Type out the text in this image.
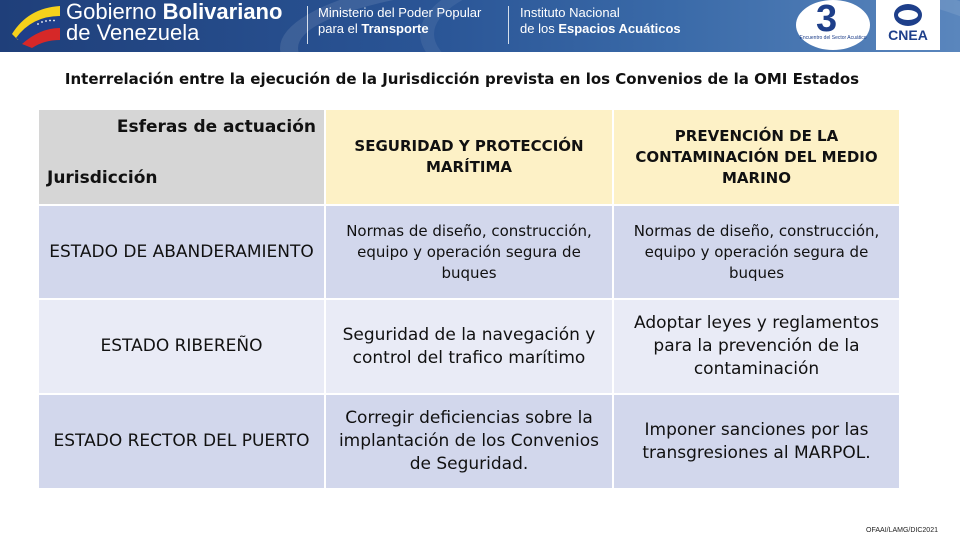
Gobierno Bolivariano
de Venezuela
Ministerio del Poder Popular
para el Transporte
Instituto Nacional
de los Espacios Acuáticos	3
Encuentro del Sector Acuático	CNEA
Interrelación entre la ejecución de la Jurisdicción prevista en los Convenios de la OMI Estados
Esferas de actuación
Jurisdicción	SEGURIDAD Y PROTECCIÓN MARÍTIMA	PREVENCIÓN DE LA CONTAMINACIÓN DEL MEDIO MARINO
ESTADO DE ABANDERAMIENTO	Normas de diseño, construcción, equipo y operación segura de buques	Normas de diseño, construcción, equipo y operación segura de buques
ESTADO RIBEREÑO	Seguridad de la navegación y control del trafico marítimo	Adoptar leyes y reglamentos para la prevención de la contaminación
ESTADO RECTOR DEL PUERTO	Corregir deficiencias sobre la implantación de los Convenios de Seguridad.	Imponer sanciones por las transgresiones al MARPOL.
OFAAI/LAMG/DIC2021
